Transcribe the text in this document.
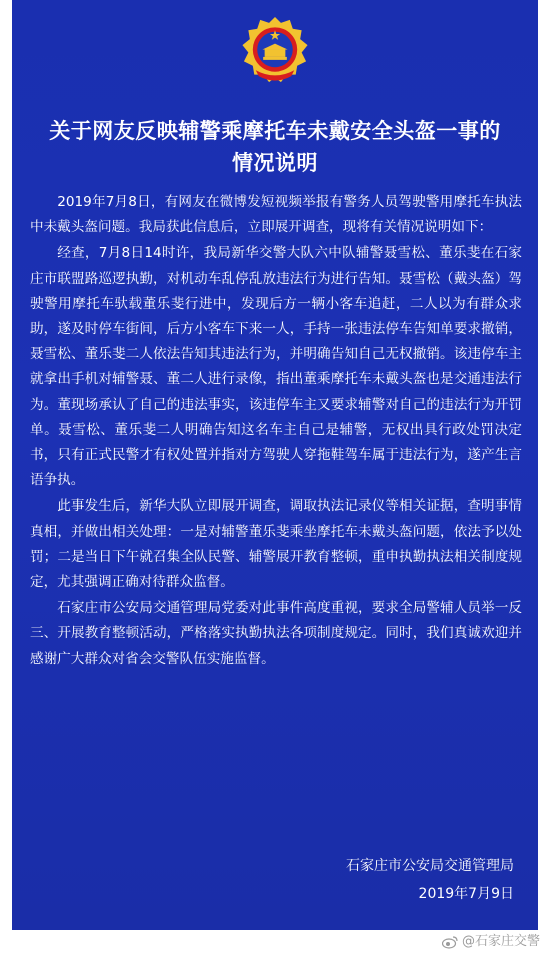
关于网友反映辅警乘摩托车未戴安全头盔一事的
情况说明

2019年7月8日，有网友在微博发短视频举报有警务人员驾驶警用摩托车执法中未戴头盔问题。我局获此信息后，立即展开调查，现将有关情况说明如下：

经查，7月8日14时许，我局新华交警大队六中队辅警聂雪松、董乐斐在石家庄市联盟路巡逻执勤，对机动车乱停乱放违法行为进行告知。聂雪松（戴头盔）驾驶警用摩托车驮载董乐斐行进中，发现后方一辆小客车追赶，二人以为有群众求助，遂及时停车街间，后方小客车下来一人，手持一张违法停车告知单要求撤销，聂雪松、董乐斐二人依法告知其违法行为，并明确告知自己无权撤销。该违停车主就拿出手机对辅警聂、董二人进行录像，指出董乘摩托车未戴头盔也是交通违法行为。董现场承认了自己的违法事实，该违停车主又要求辅警对自己的违法行为开罚单。聂雪松、董乐斐二人明确告知这名车主自己是辅警，无权出具行政处罚决定书，只有正式民警才有权处置并指对方驾驶人穿拖鞋驾车属于违法行为，遂产生言语争执。

此事发生后，新华大队立即展开调查，调取执法记录仪等相关证据，查明事情真相，并做出相关处理：一是对辅警董乐斐乘坐摩托车未戴头盔问题，依法予以处罚；二是当日下午就召集全队民警、辅警展开教育整顿，重申执勤执法相关制度规定，尤其强调正确对待群众监督。

石家庄市公安局交通管理局党委对此事件高度重视，要求全局警辅人员举一反三、开展教育整顿活动，严格落实执勤执法各项制度规定。同时，我们真诚欢迎并感谢广大群众对省会交警队伍实施监督。

石家庄市公安局交通管理局
2019年7月9日
@石家庄交警
